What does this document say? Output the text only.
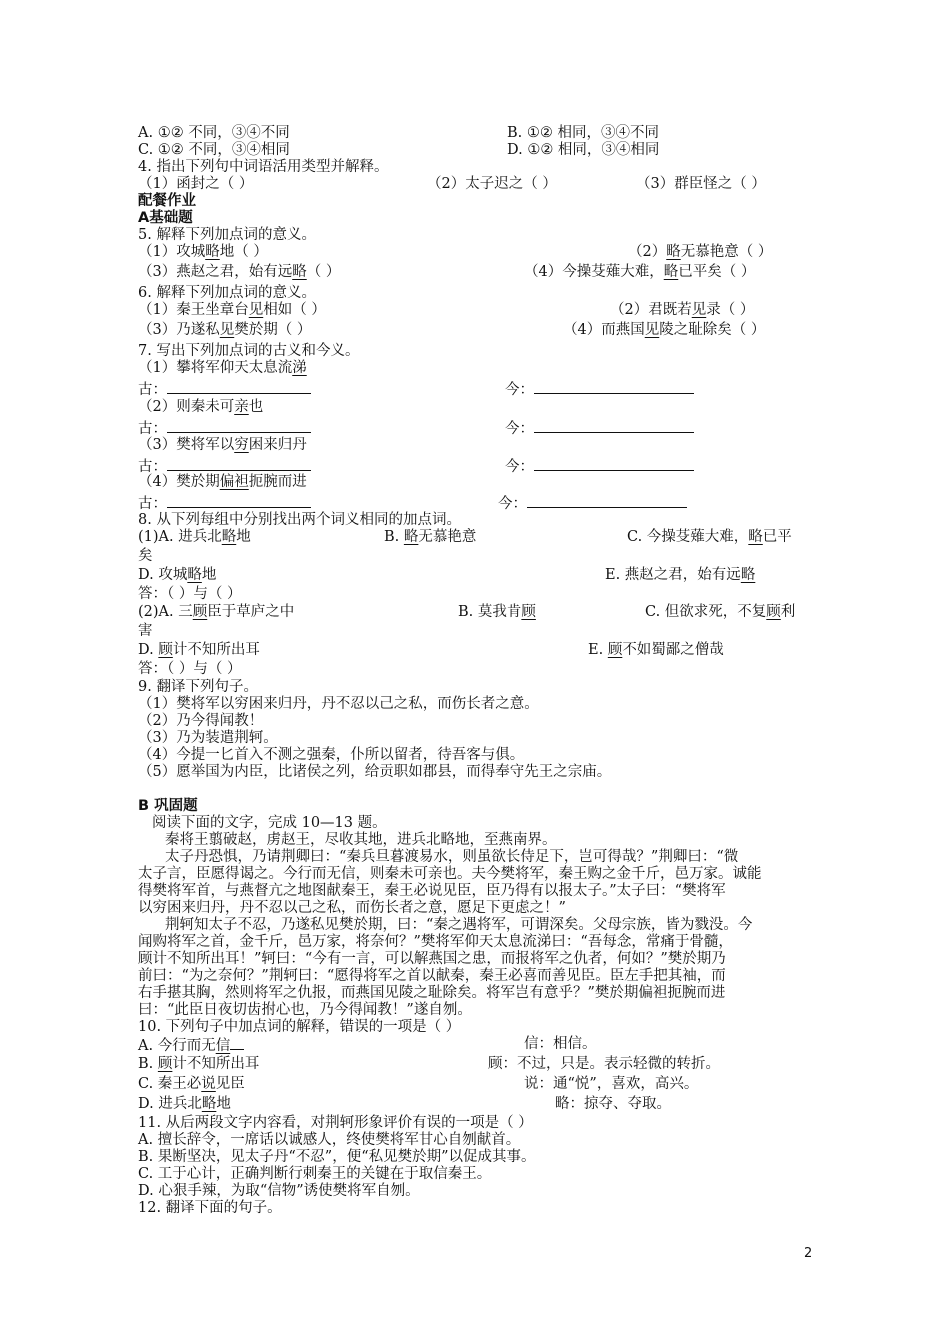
A. ①② 不同，③④不同	B. ①② 相同，③④不同
C. ①② 不同，③④相同	D. ①② 相同，③④相同
4. 指出下列句中词语活用类型并解释。
（1）函封之（ ）	（2）太子迟之（ ）	（3）群臣怪之（ ）
配餐作业
A基础题
5. 解释下列加点词的意义。
（1）攻城略地（ ）	（2）略无慕艳意（ ）
（3）燕赵之君，始有远略（ ）	（4）今操芟薙大难，略已平矣（ ）
6. 解释下列加点词的意义。
（1）秦王坐章台见相如（ ）	（2）君既若见录（ ）
（3）乃遂私见樊於期（ ）	（4）而燕国见陵之耻除矣（ ）
7. 写出下列加点词的古义和今义。
（1）攀将军仰天太息流涕
古：	今：
（2）则秦未可亲也
古：	今：
（3）樊将军以穷困来归丹
古：	今：
（4）樊於期偏袒扼腕而进
古：	今：
8. 从下列每组中分别找出两个词义相同的加点词。
(1)A. 进兵北略地	B. 略无慕艳意	C. 今操芟薙大难，略已平
矣
D. 攻城略地	E. 燕赵之君，始有远略
答：（ ）与（ ）
(2)A. 三顾臣于草庐之中	B. 莫我肯顾	C. 但欲求死，不复顾利
害
D. 顾计不知所出耳	E. 顾不如蜀鄙之僧哉
答：（ ）与（ ）
9. 翻译下列句子。
（1）樊将军以穷困来归丹，丹不忍以己之私，而伤长者之意。
（2）乃今得闻教！
（3）乃为装遣荆轲。
（4）今提一匕首入不测之强秦，仆所以留者，待吾客与俱。
（5）愿举国为内臣，比诸侯之列，给贡职如郡县，而得奉守先王之宗庙。
B 巩固题
阅读下面的文字，完成 10—13 题。
秦将王翦破赵，虏赵王，尽收其地，进兵北略地，至燕南界。
太子丹恐惧，乃请荆卿曰：“秦兵旦暮渡易水，则虽欲长侍足下，岂可得哉？”荆卿曰：“微
太子言，臣愿得谒之。今行而无信，则秦未可亲也。夫今樊将军，秦王购之金千斤，邑万家。诚能
得樊将军首，与燕督亢之地图献秦王，秦王必说见臣，臣乃得有以报太子。”太子曰：“樊将军
以穷困来归丹，丹不忍以己之私，而伤长者之意，愿足下更虑之！”
荆轲知太子不忍，乃遂私见樊於期，曰：“秦之遇将军，可谓深矣。父母宗族，皆为戮没。今
闻购将军之首，金千斤，邑万家，将奈何？”樊将军仰天太息流涕曰：“吾每念，常痛于骨髓，
顾计不知所出耳！”轲曰：“今有一言，可以解燕国之患，而报将军之仇者，何如？”樊於期乃
前曰：“为之奈何？”荆轲曰：“愿得将军之首以献秦，秦王必喜而善见臣。臣左手把其袖，而
右手揕其胸，然则将军之仇报，而燕国见陵之耻除矣。将军岂有意乎？”樊於期偏袒扼腕而进
曰：“此臣日夜切齿拊心也，乃今得闻教！”遂自刎。
10. 下列句子中加点词的解释，错误的一项是（ ）
A. 今行而无信	信：相信。
B. 顾计不知所出耳	顾：不过，只是。表示轻微的转折。
C. 秦王必说见臣	说：通“悦”，喜欢，高兴。
D. 进兵北略地	略：掠夺、夺取。
11. 从后两段文字内容看，对荆轲形象评价有误的一项是（ ）
A. 擅长辞令，一席话以诚感人，终使樊将军甘心自刎献首。
B. 果断坚决，见太子丹“不忍”，便“私见樊於期”以促成其事。
C. 工于心计，正确判断行刺秦王的关键在于取信秦王。
D. 心狠手辣，为取“信物”诱使樊将军自刎。
12. 翻译下面的句子。
2
